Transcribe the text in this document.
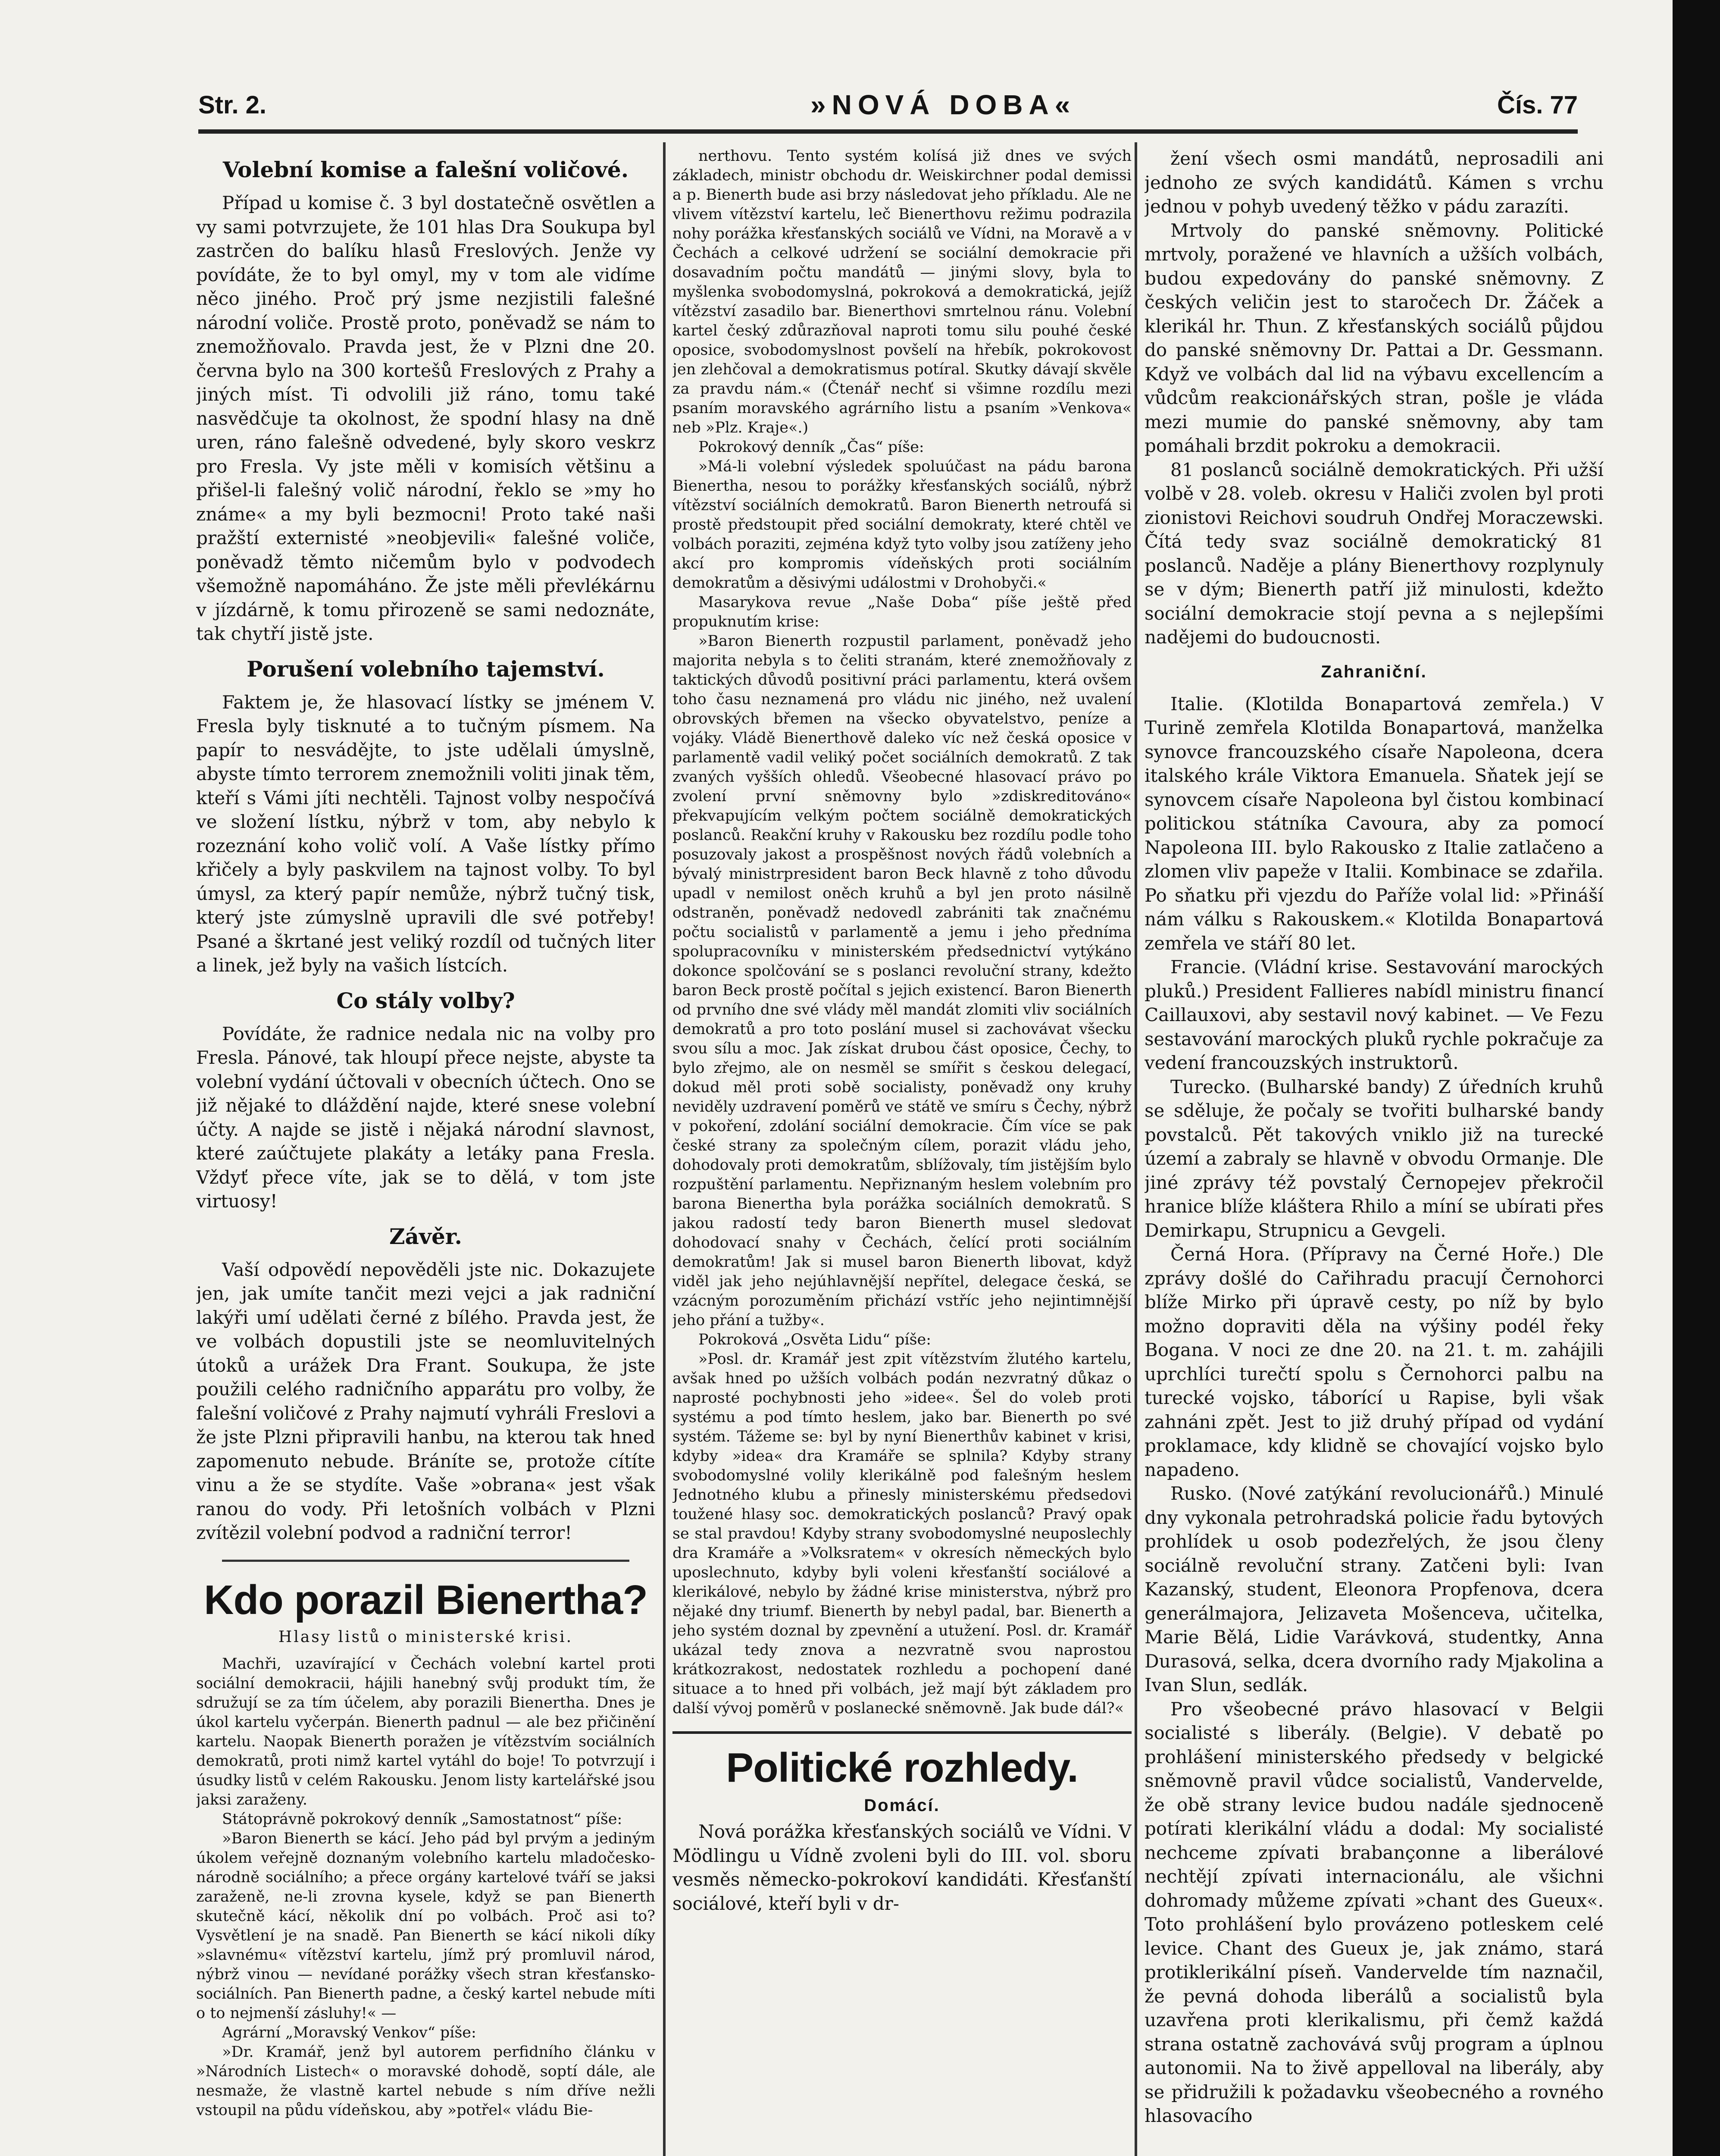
Str. 2.	»NOVÁ DOBA«	Čís. 77
Volební komise a falešní voličové.

Případ u komise č. 3 byl dostatečně osvětlen a vy sami potvrzujete, že 101 hlas Dra Soukupa byl zastrčen do balíku hlasů Freslových. Jenže vy povídáte, že to byl omyl, my v tom ale vidíme něco jiného. Proč prý jsme nezjistili falešné národní voliče. Prostě proto, poněvadž se nám to znemožňovalo. Pravda jest, že v Plzni dne 20. června bylo na 300 kortešů Freslových z Prahy a jiných míst. Ti odvolili již ráno, tomu také nasvědčuje ta okolnost, že spodní hlasy na dně uren, ráno falešně odvedené, byly skoro veskrz pro Fresla. Vy jste měli v komisích většinu a přišel-li falešný volič národní, řeklo se »my ho známe« a my byli bezmocni! Proto také naši pražští externisté »neobjevili« falešné voliče, poněvadž těmto ničemům bylo v podvodech všemožně napomáháno. Že jste měli převlékárnu v jízdárně, k tomu přirozeně se sami nedoznáte, tak chytří jistě jste.

Porušení volebního tajemství.

Faktem je, že hlasovací lístky se jménem V. Fresla byly tisknuté a to tučným písmem. Na papír to nesvádějte, to jste udělali úmyslně, abyste tímto terrorem znemožnili voliti jinak těm, kteří s Vámi jíti nechtěli. Tajnost volby nespočívá ve složení lístku, nýbrž v tom, aby nebylo k rozeznání koho volič volí. A Vaše lístky přímo křičely a byly paskvilem na tajnost volby. To byl úmysl, za který papír nemůže, nýbrž tučný tisk, který jste zúmyslně upravili dle své potřeby! Psané a škrtané jest veliký rozdíl od tučných liter a linek, jež byly na vašich lístcích.

Co stály volby?

Povídáte, že radnice nedala nic na volby pro Fresla. Pánové, tak hloupí přece nejste, abyste ta volební vydání účtovali v obecních účtech. Ono se již nějaké to dláždění najde, které snese volební účty. A najde se jistě i nějaká národní slavnost, které zaúčtujete plakáty a letáky pana Fresla. Vždyť přece víte, jak se to dělá, v tom jste virtuosy!

Závěr.

Vaší odpovědí nepověděli jste nic. Dokazujete jen, jak umíte tančit mezi vejci a jak radniční lakýři umí udělati černé z bílého. Pravda jest, že ve volbách dopustili jste se neomluvitelných útoků a urážek Dra Frant. Soukupa, že jste použili celého radničního apparátu pro volby, že falešní voličové z Prahy najmutí vyhráli Freslovi a že jste Plzni připravili hanbu, na kterou tak hned zapomenuto nebude. Bráníte se, protože cítíte vinu a že se stydíte. Vaše »obrana« jest však ranou do vody. Při letošních volbách v Plzni zvítězil volební podvod a radniční terror!

Kdo porazil Bienertha?
Hlasy listů o ministerské krisi.

Machři, uzavírající v Čechách volební kartel proti sociální demokracii, hájili hanebný svůj produkt tím, že sdružují se za tím účelem, aby porazili Bienertha. Dnes je úkol kartelu vyčerpán. Bienerth padnul — ale bez přičinění kartelu. Naopak Bienerth poražen je vítězstvím sociálních demokratů, proti nimž kartel vytáhl do boje! To potvrzují i úsudky listů v celém Rakousku. Jenom listy kartelářské jsou jaksi zaraženy.

Státoprávně pokrokový denník „Samostatnost“ píše:

»Baron Bienerth se kácí. Jeho pád byl prvým a jediným úkolem veřejně doznaným volebního kartelu mladočesko-národně sociálního; a přece orgány kartelové tváří se jaksi zaraženě, ne-li zrovna kysele, když se pan Bienerth skutečně kácí, několik dní po volbách. Proč asi to? Vysvětlení je na snadě. Pan Bienerth se kácí nikoli díky »slavnému« vítězství kartelu, jímž prý promluvil národ, nýbrž vinou — nevídané porážky všech stran křesťansko-sociálních. Pan Bienerth padne, a český kartel nebude míti o to nejmenší zásluhy!« —

Agrární „Moravský Venkov“ píše:

»Dr. Kramář, jenž byl autorem perfidního článku v »Národních Listech« o moravské dohodě, soptí dále, ale nesmaže, že vlastně kartel nebude s ním dříve nežli vstoupil na půdu vídeňskou, aby »potřel« vládu Bie-

nerthovu. Tento systém kolísá již dnes ve svých základech, ministr obchodu dr. Weiskirchner podal demissi a p. Bienerth bude asi brzy následovat jeho příkladu. Ale ne vlivem vítězství kartelu, leč Bienerthovu režimu podrazila nohy porážka křesťanských sociálů ve Vídni, na Moravě a v Čechách a celkové udržení se sociální demokracie při dosavadním počtu mandátů — jinými slovy, byla to myšlenka svobodomyslná, pokroková a demokratická, jejíž vítězství zasadilo bar. Bienerthovi smrtelnou ránu. Volební kartel český zdůrazňoval naproti tomu silu pouhé české oposice, svobodomyslnost povšelí na hřebík, pokrokovost jen zlehčoval a demokratismus potíral. Skutky dávají skvěle za pravdu nám.« (Čtenář nechť si všimne rozdílu mezi psaním moravského agrárního listu a psaním »Venkova« neb »Plz. Kraje«.)

Pokrokový denník „Čas“ píše:

»Má-li volební výsledek spoluúčast na pádu barona Bienertha, nesou to porážky křesťanských sociálů, nýbrž vítězství sociálních demokratů. Baron Bienerth netroufá si prostě předstoupit před sociální demokraty, které chtěl ve volbách poraziti, zejména když tyto volby jsou zatíženy jeho akcí pro kompromis vídeňských proti sociálním demokratům a děsivými událostmi v Drohobyči.«

Masarykova revue „Naše Doba“ píše ještě před propuknutím krise:

»Baron Bienerth rozpustil parlament, poněvadž jeho majorita nebyla s to čeliti stranám, které znemožňovaly z taktických důvodů positivní práci parlamentu, která ovšem toho času neznamená pro vládu nic jiného, než uvalení obrovských břemen na všecko obyvatelstvo, peníze a vojáky. Vládě Bienerthově daleko víc než česká oposice v parlamentě vadil veliký počet sociálních demokratů. Z tak zvaných vyšších ohledů. Všeobecné hlasovací právo po zvolení první sněmovny bylo »zdiskreditováno« překvapujícím velkým počtem sociálně demokratických poslanců. Reakční kruhy v Rakousku bez rozdílu podle toho posuzovaly jakost a prospěšnost nových řádů volebních a bývalý ministrpresident baron Beck hlavně z toho důvodu upadl v nemilost oněch kruhů a byl jen proto násilně odstraněn, poněvadž nedovedl zabrániti tak značnému počtu socialistů v parlamentě a jemu i jeho předníma spolupracovníku v ministerském předsednictví vytýkáno dokonce spolčování se s poslanci revoluční strany, kdežto baron Beck prostě počítal s jejich existencí. Baron Bienerth od prvního dne své vlády měl mandát zlomiti vliv sociálních demokratů a pro toto poslání musel si zachovávat všecku svou sílu a moc. Jak získat drubou část oposice, Čechy, to bylo zřejmo, ale on nesměl se smířit s českou delegací, dokud měl proti sobě socialisty, poněvadž ony kruhy neviděly uzdravení poměrů ve státě ve smíru s Čechy, nýbrž v pokoření, zdolání sociální demokracie. Čím více se pak české strany za společným cílem, porazit vládu jeho, dohodovaly proti demokratům, sblížovaly, tím jistějším bylo rozpuštění parlamentu. Nepřiznaným heslem volebním pro barona Bienertha byla porážka sociálních demokratů. S jakou radostí tedy baron Bienerth musel sledovat dohodovací snahy v Čechách, čelící proti sociálním demokratům! Jak si musel baron Bienerth libovat, když viděl jak jeho nejúhlavnější nepřítel, delegace česká, se vzácným porozuměním přichází vstříc jeho nejintimnější jeho přání a tužby«.

Pokroková „Osvěta Lidu“ píše:

»Posl. dr. Kramář jest zpit vítězstvím žlutého kartelu, avšak hned po užších volbách podán nezvratný důkaz o naprosté pochybnosti jeho »idee«. Šel do voleb proti systému a pod tímto heslem, jako bar. Bienerth po své systém. Tážeme se: byl by nyní Bienerthův kabinet v krisi, kdyby »idea« dra Kramáře se splnila? Kdyby strany svobodomyslné volily klerikálně pod falešným heslem Jednotného klubu a přinesly ministerskému předsedovi toužené hlasy soc. demokratických poslanců? Pravý opak se stal pravdou! Kdyby strany svobodomyslné neuposlechly dra Kramáře a »Volksratem« v okresích německých bylo uposlechnuto, kdyby byli voleni křesťanští sociálové a klerikálové, nebylo by žádné krise ministerstva, nýbrž pro nějaké dny triumf. Bienerth by nebyl padal, bar. Bienerth a jeho systém doznal by zpevnění a utužení. Posl. dr. Kramář ukázal tedy znova a nezvratně svou naprostou krátkozrakost, nedostatek rozhledu a pochopení dané situace a to hned při volbách, jež mají být základem pro další vývoj poměrů v poslanecké sněmovně. Jak bude dál?«

Politické rozhledy.
Domácí.

Nová porážka křesťanských sociálů ve Vídni. V Mödlingu u Vídně zvoleni byli do III. vol. sboru vesměs německo-pokrokoví kandidáti. Křesťanští sociálové, kteří byli v dr-

žení všech osmi mandátů, neprosadili ani jednoho ze svých kandidátů. Kámen s vrchu jednou v pohyb uvedený těžko v pádu zarazíti.

Mrtvoly do panské sněmovny. Politické mrtvoly, poražené ve hlavních a užších volbách, budou expedovány do panské sněmovny. Z českých veličin jest to staročech Dr. Žáček a klerikál hr. Thun. Z křesťanských sociálů půjdou do panské sněmovny Dr. Pattai a Dr. Gessmann. Když ve volbách dal lid na výbavu excellencím a vůdcům reakcionářských stran, pošle je vláda mezi mumie do panské sněmovny, aby tam pomáhali brzdit pokroku a demokracii.

81 poslanců sociálně demokratických. Při užší volbě v 28. voleb. okresu v Haliči zvolen byl proti zionistovi Reichovi soudruh Ondřej Moraczewski. Čítá tedy svaz sociálně demokratický 81 poslanců. Naděje a plány Bienerthovy rozplynuly se v dým; Bienerth patří již minulosti, kdežto sociální demokracie stojí pevna a s nejlepšími nadějemi do budoucnosti.

Zahraniční.

Italie. (Klotilda Bonapartová zemřela.) V Turině zemřela Klotilda Bonapartová, manželka synovce francouzského císaře Napoleona, dcera italského krále Viktora Emanuela. Sňatek její se synovcem císaře Napoleona byl čistou kombinací politickou státníka Cavoura, aby za pomocí Napoleona III. bylo Rakousko z Italie zatlačeno a zlomen vliv papeže v Italii. Kombinace se zdařila. Po sňatku při vjezdu do Paříže volal lid: »Přináší nám válku s Rakouskem.« Klotilda Bonapartová zemřela ve stáří 80 let.

Francie. (Vládní krise. Sestavování marockých pluků.) President Fallieres nabídl ministru financí Caillauxovi, aby sestavil nový kabinet. — Ve Fezu sestavování marockých pluků rychle pokračuje za vedení francouzských instruktorů.

Turecko. (Bulharské bandy) Z úředních kruhů se sděluje, že počaly se tvořiti bulharské bandy povstalců. Pět takových vniklo již na turecké území a zabraly se hlavně v obvodu Ormanje. Dle jiné zprávy též povstalý Černopejev překročil hranice blíže kláštera Rhilo a míní se ubírati přes Demirkapu, Strupnicu a Gevgeli.

Černá Hora. (Přípravy na Černé Hoře.) Dle zprávy došlé do Cařihradu pracují Černohorci blíže Mirko při úpravě cesty, po níž by bylo možno dopraviti děla na výšiny podél řeky Bogana. V noci ze dne 20. na 21. t. m. zahájili uprchlíci turečtí spolu s Černohorci palbu na turecké vojsko, táborící u Rapise, byli však zahnáni zpět. Jest to již druhý případ od vydání proklamace, kdy klidně se chovající vojsko bylo napadeno.

Rusko. (Nové zatýkání revolucionářů.) Minulé dny vykonala petrohradská policie řadu bytových prohlídek u osob podezřelých, že jsou členy sociálně revoluční strany. Zatčeni byli: Ivan Kazanský, student, Eleonora Propfenova, dcera generálmajora, Jelizaveta Mošenceva, učitelka, Marie Bělá, Lidie Varávková, studentky, Anna Durasová, selka, dcera dvorního rady Mjakolina a Ivan Slun, sedlák.

Pro všeobecné právo hlasovací v Belgii socialisté s liberály. (Belgie). V debatě po prohlášení ministerského předsedy v belgické sněmovně pravil vůdce socialistů, Vandervelde, že obě strany levice budou nadále sjednoceně potírati klerikální vládu a dodal: My socialisté nechceme zpívati brabançonne a liberálové nechtějí zpívati internacionálu, ale všichni dohromady můžeme zpívati »chant des Gueux«. Toto prohlášení bylo provázeno potleskem celé levice. Chant des Gueux je, jak známo, stará protiklerikální píseň. Vandervelde tím naznačil, že pevná dohoda liberálů a socialistů byla uzavřena proti klerikalismu, při čemž každá strana ostatně zachovává svůj program a úplnou autonomii. Na to živě appelloval na liberály, aby se přidružili k požadavku všeobecného a rovného hlasovacího
